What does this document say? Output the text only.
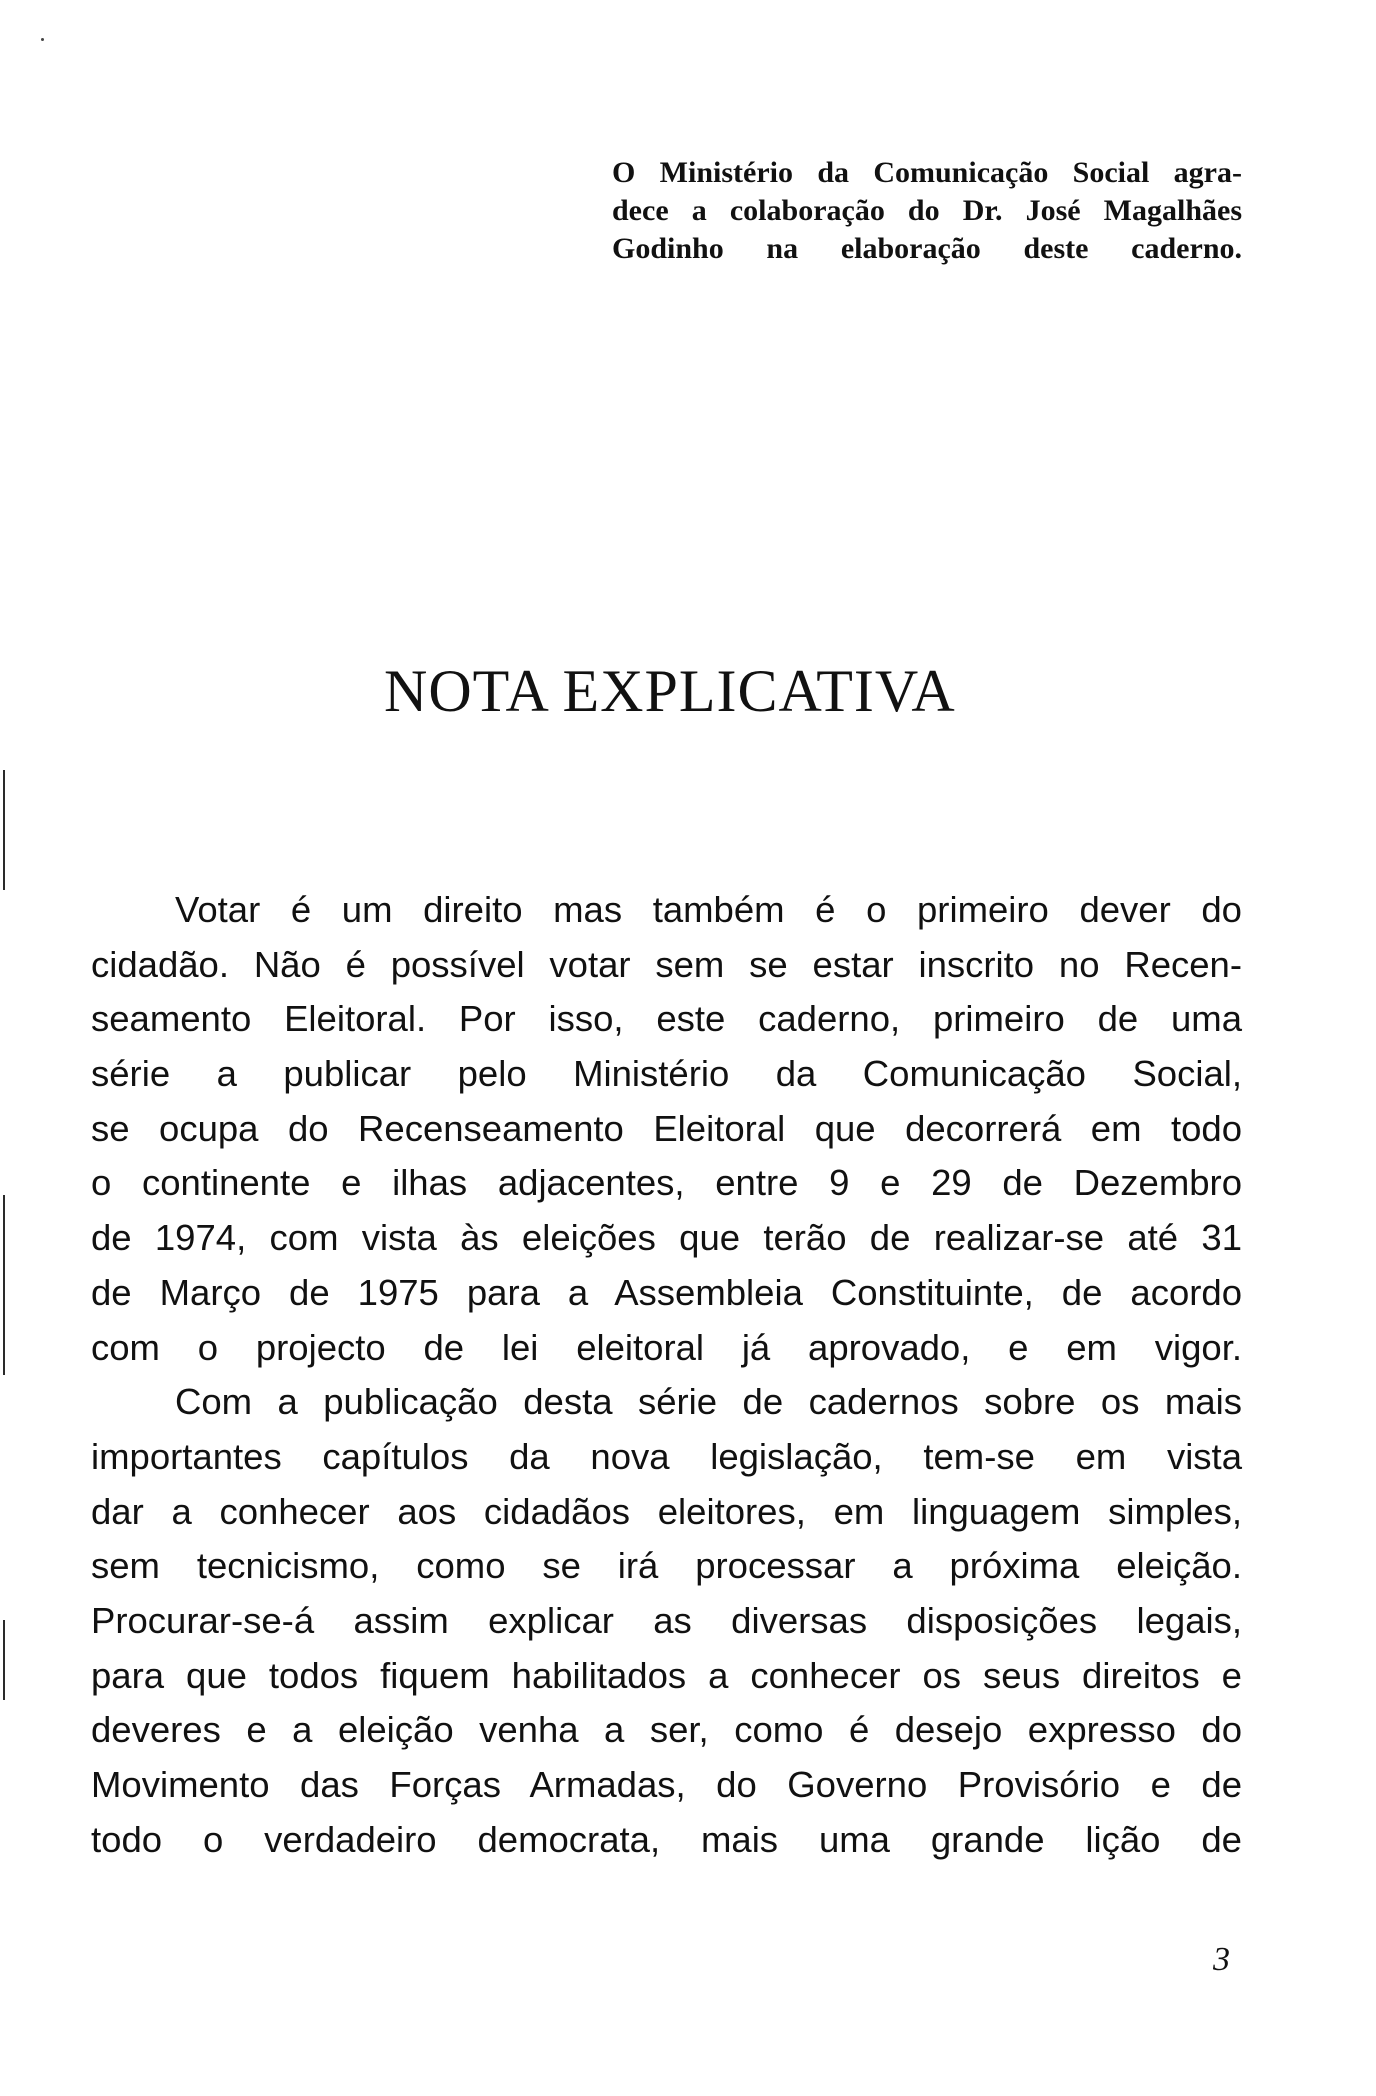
O Ministério da Comunicação Social agra-
dece a colaboração do Dr. José Magalhães
Godinho na elaboração deste caderno.
NOTA EXPLICATIVA
Votar é um direito mas também é o primeiro dever do
cidadão. Não é possível votar sem se estar inscrito no Recen-
seamento Eleitoral. Por isso, este caderno, primeiro de uma
série a publicar pelo Ministério da Comunicação Social,
se ocupa do Recenseamento Eleitoral que decorrerá em todo
o continente e ilhas adjacentes, entre 9 e 29 de Dezembro
de 1974, com vista às eleições que terão de realizar-se até 31
de Março de 1975 para a Assembleia Constituinte, de acordo
com o projecto de lei eleitoral já aprovado, e em vigor.
Com a publicação desta série de cadernos sobre os mais
importantes capítulos da nova legislação, tem-se em vista
dar a conhecer aos cidadãos eleitores, em linguagem simples,
sem tecnicismo, como se irá processar a próxima eleição.
Procurar-se-á assim explicar as diversas disposições legais,
para que todos fiquem habilitados a conhecer os seus direitos e
deveres e a eleição venha a ser, como é desejo expresso do
Movimento das Forças Armadas, do Governo Provisório e de
todo o verdadeiro democrata, mais uma grande lição de
3
